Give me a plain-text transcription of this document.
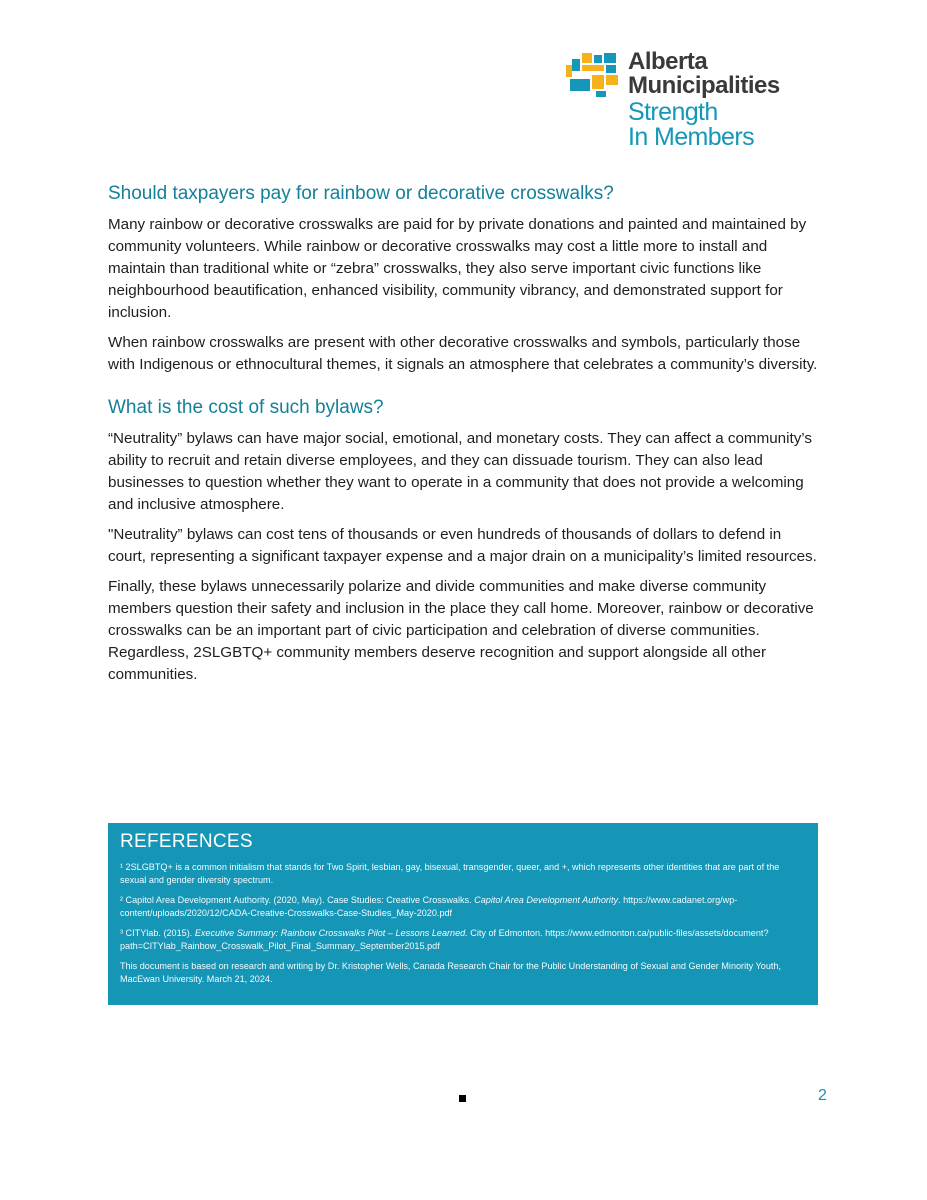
Alberta
Municipalities
Strength
In Members
Should taxpayers pay for rainbow or decorative crosswalks?

Many rainbow or decorative crosswalks are paid for by private donations and painted and maintained by community volunteers. While rainbow or decorative crosswalks may cost a little more to install and maintain than traditional white or “zebra” crosswalks, they also serve important civic functions like neighbourhood beautification, enhanced visibility, community vibrancy, and demonstrated support for inclusion.

When rainbow crosswalks are present with other decorative crosswalks and symbols, particularly those with Indigenous or ethnocultural themes, it signals an atmosphere that celebrates a community’s diversity.

What is the cost of such bylaws?

“Neutrality” bylaws can have major social, emotional, and monetary costs. They can affect a community’s ability to recruit and retain diverse employees, and they can dissuade tourism. They can also lead businesses to question whether they want to operate in a community that does not provide a welcoming and inclusive atmosphere.

"Neutrality” bylaws can cost tens of thousands or even hundreds of thousands of dollars to defend in court, representing a significant taxpayer expense and a major drain on a municipality’s limited resources.

Finally, these bylaws unnecessarily polarize and divide communities and make diverse community members question their safety and inclusion in the place they call home. Moreover, rainbow or decorative crosswalks can be an important part of civic participation and celebration of diverse communities. Regardless, 2SLGBTQ+ community members deserve recognition and support alongside all other communities.

REFERENCES
¹ 2SLGBTQ+ is a common initialism that stands for Two Spirit, lesbian, gay, bisexual, transgender, queer, and +, which represents other identities that are part of the sexual and gender diversity spectrum.
² Capitol Area Development Authority. (2020, May). Case Studies: Creative Crosswalks. Capitol Area Development Authority. https://www.cadanet.org/wp-content/uploads/2020/12/CADA-Creative-Crosswalks-Case-Studies_May-2020.pdf
³ CITYlab. (2015). Executive Summary: Rainbow Crosswalks Pilot – Lessons Learned. City of Edmonton. https://www.edmonton.ca/public-files/assets/document?path=CITYlab_Rainbow_Crosswalk_Pilot_Final_Summary_September2015.pdf
This document is based on research and writing by Dr. Kristopher Wells, Canada Research Chair for the Public Understanding of Sexual and Gender Minority Youth, MacEwan University. March 21, 2024.
2
